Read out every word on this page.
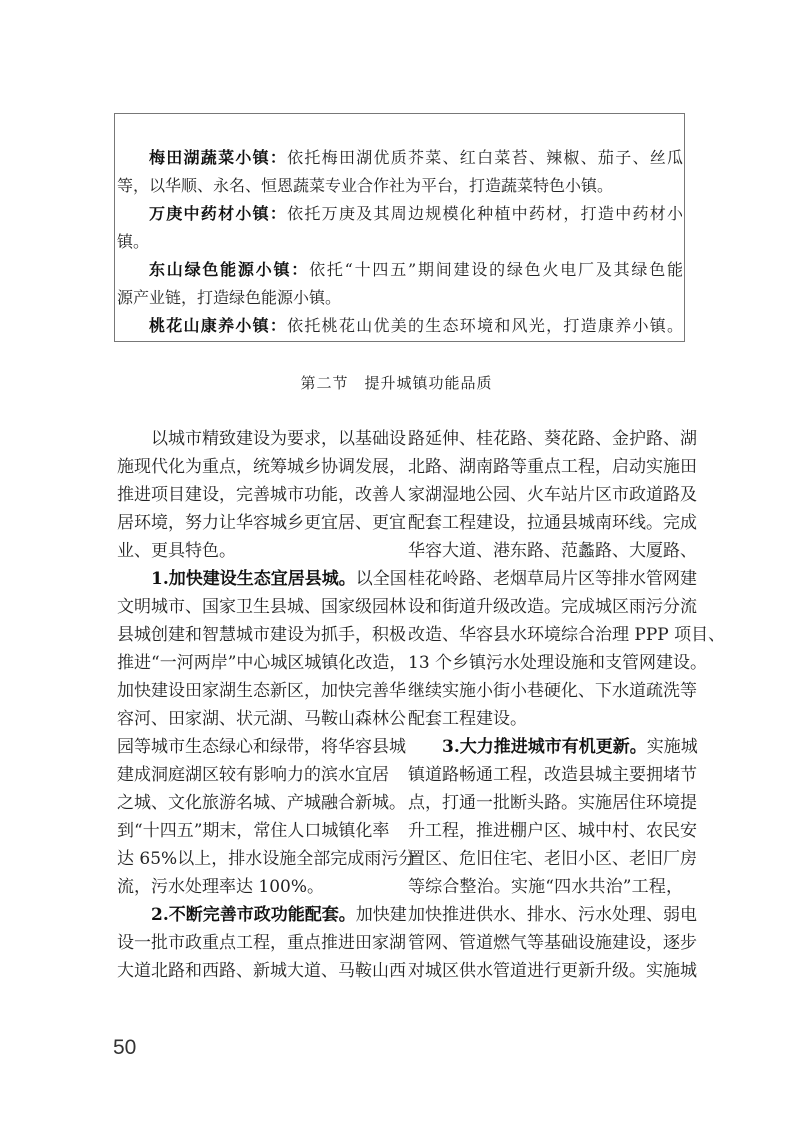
梅田湖蔬菜小镇：依托梅田湖优质芥菜、红白菜苔、辣椒、茄子、丝瓜
等，以华顺、永名、恒恩蔬菜专业合作社为平台，打造蔬菜特色小镇。
万庚中药材小镇：依托万庚及其周边规模化种植中药材，打造中药材小
镇。
东山绿色能源小镇：依托“十四五”期间建设的绿色火电厂及其绿色能
源产业链，打造绿色能源小镇。
桃花山康养小镇：依托桃花山优美的生态环境和风光，打造康养小镇。
第二节　提升城镇功能品质
以城市精致建设为要求，以基础设
施现代化为重点，统筹城乡协调发展，
推进项目建设，完善城市功能，改善人
居环境，努力让华容城乡更宜居、更宜
业、更具特色。
1.加快建设生态宜居县城。以全国
文明城市、国家卫生县城、国家级园林
县城创建和智慧城市建设为抓手，积极
推进“一河两岸”中心城区城镇化改造，
加快建设田家湖生态新区，加快完善华
容河、田家湖、状元湖、马鞍山森林公
园等城市生态绿心和绿带，将华容县城
建成洞庭湖区较有影响力的滨水宜居
之城、文化旅游名城、产城融合新城。
到“十四五”期末，常住人口城镇化率
达 65%以上，排水设施全部完成雨污分
流，污水处理率达 100%。
2.不断完善市政功能配套。加快建
设一批市政重点工程，重点推进田家湖
大道北路和西路、新城大道、马鞍山西
路延伸、桂花路、葵花路、金护路、湖
北路、湖南路等重点工程，启动实施田
家湖湿地公园、火车站片区市政道路及
配套工程建设，拉通县城南环线。完成
华容大道、港东路、范蠡路、大厦路、
桂花岭路、老烟草局片区等排水管网建
设和街道升级改造。完成城区雨污分流
改造、华容县水环境综合治理 PPP 项目、
13 个乡镇污水处理设施和支管网建设。
继续实施小街小巷硬化、下水道疏洗等
配套工程建设。
3.大力推进城市有机更新。实施城
镇道路畅通工程，改造县城主要拥堵节
点，打通一批断头路。实施居住环境提
升工程，推进棚户区、城中村、农民安
置区、危旧住宅、老旧小区、老旧厂房
等综合整治。实施“四水共治”工程，
加快推进供水、排水、污水处理、弱电
管网、管道燃气等基础设施建设，逐步
对城区供水管道进行更新升级。实施城
50
